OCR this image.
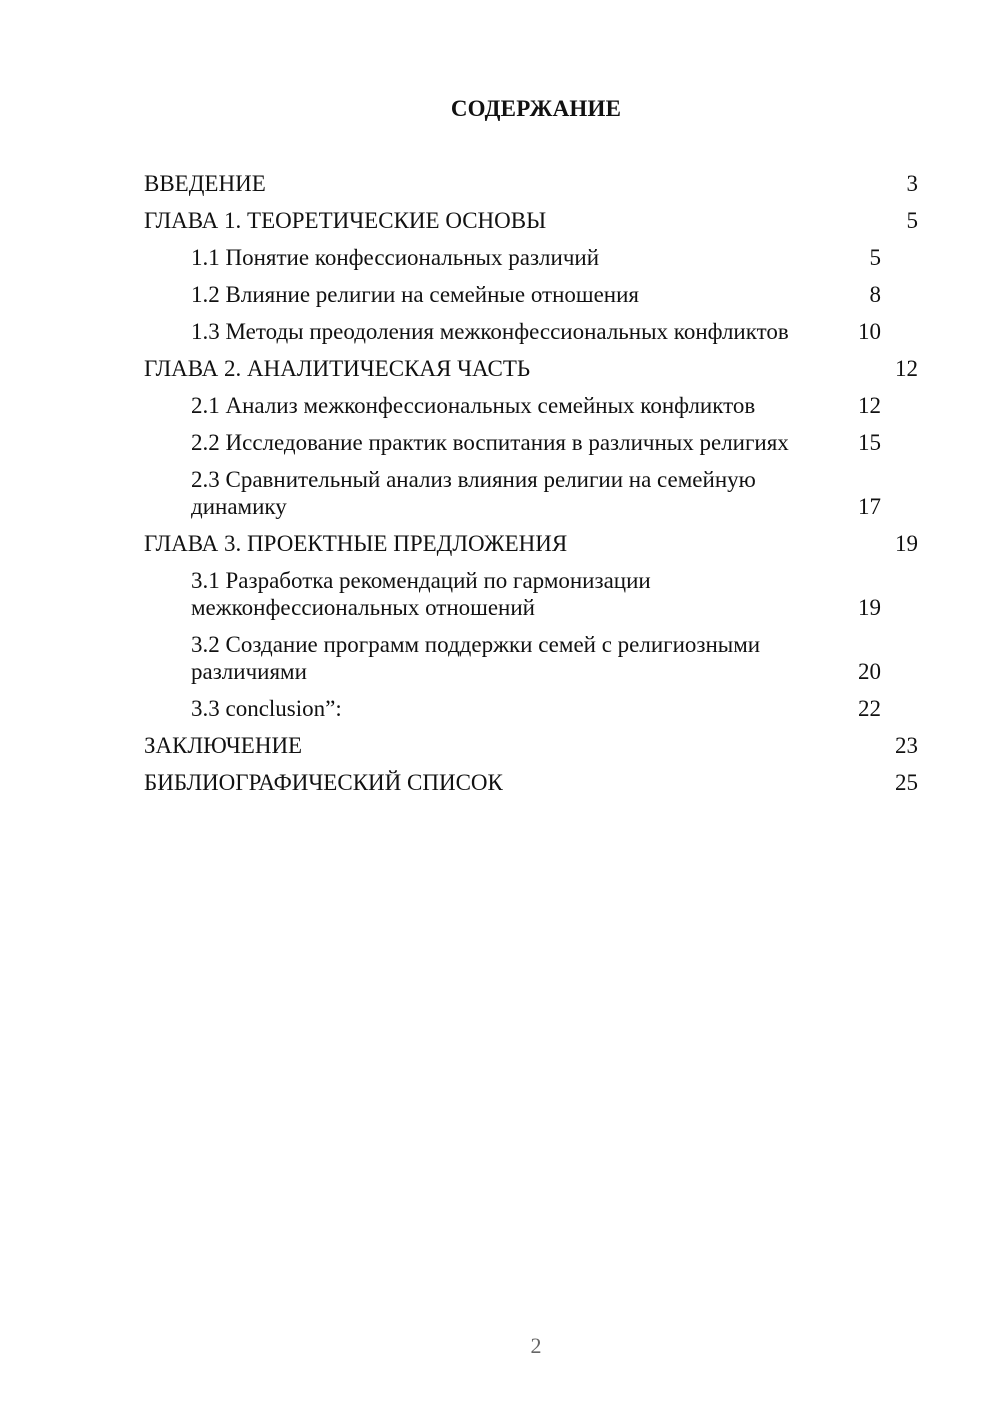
СОДЕРЖАНИЕ
ВВЕДЕНИЕ	3
ГЛАВА 1. ТЕОРЕТИЧЕСКИЕ ОСНОВЫ	5
1.1 Понятие конфессиональных различий	5
1.2 Влияние религии на семейные отношения	8
1.3 Методы преодоления межконфессиональных конфликтов	10
ГЛАВА 2. АНАЛИТИЧЕСКАЯ ЧАСТЬ	12
2.1 Анализ межконфессиональных семейных конфликтов	12
2.2 Исследование практик воспитания в различных религиях	15
2.3 Сравнительный анализ влияния религии на семейную динамику	17
ГЛАВА 3. ПРОЕКТНЫЕ ПРЕДЛОЖЕНИЯ	19
3.1 Разработка рекомендаций по гармонизации межконфессиональных отношений	19
3.2 Создание программ поддержки семей с религиозными различиями	20
3.3 conclusion”:	22
ЗАКЛЮЧЕНИЕ	23
БИБЛИОГРАФИЧЕСКИЙ СПИСОК	25
2
